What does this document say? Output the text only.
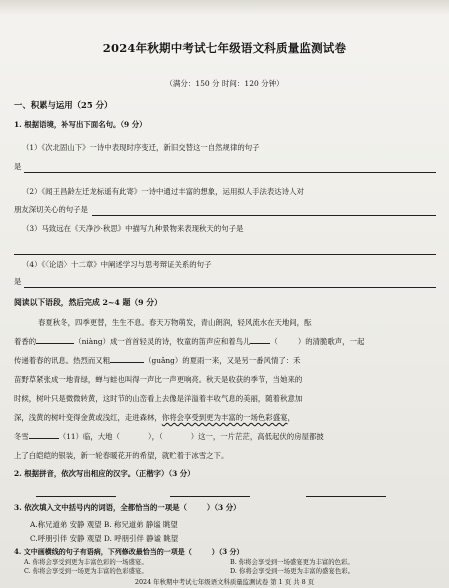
2024年秋期中考试七年级语文科质量监测试卷
（满分：150 分 时间：120 分钟）
一、积累与运用（25 分）
1. 根据语境，补写出下面名句。（9 分）
（1）《次北固山下》一诗中表现时序变迁，新旧交替这一自然规律的句子
是
（2）《闻王昌龄左迁龙标遥有此寄》一诗中通过丰富的想象，运用拟人手法表达诗人对
朋友深切关心的句子是
（3）马致远在《天净沙·秋思》中描写九种景物来表现秋天的句子是
（4）《〈论语〉十二章》中阐述学习与思考辩证关系的句子
是
阅读以下语段，然后完成 2~4 题（9 分）
春夏秋冬，四季更替，生生不息。春天万物萌发，青山朗润，轻风流水在天地间，酝
着香的	（niàng）成一首首轻灵的诗，牧童的笛声应和着鸟儿	（	）的清脆歌声，一起
传递着春的讯息。热烈而又粗	（guǎng）的夏雨一来，又是另一番风情了：禾
苗野草紧张成一地青绿，蝉与蛙也叫得一声比一声更响亮。秋天是收获的季节，当她来的
时候，树叶只是微微转黄，这时节的山峦看上去像是洋溢着丰收气息的美丽，随着秋意加
深，浅黄的树叶变得金黄或浅红，走进森林，你将会享受到更为丰富的一场色彩盛宴，
冬雪	（11）临，大地（	），（	）这一，一片茫茫，高低起伏的房屋都披
上了白皑皑的银装，新一轮春暖花开的希望，就贮着于冰雪之下。
2. 根据拼音，依次写出相应的汉字。（正楷字）（3 分）
3. 依次填入文中括号内的词语，全都恰当的一项是（	）（3 分）
A.称兄道弟 安静 观望 B. 称兄道弟 静谧 眺望
C.呼朋引伴 安静 观望 D. 呼朋引伴 静谧 眺望
4. 文中画横线的句子有语病，下列修改最恰当的一项是（	）（3 分）
2024 年秋期中考试七年级语文科质量监测试卷 第 1 页 共 8 页
A. 你将会享受到更为丰富色彩的一场盛宴。	B. 你将会享受到一场盛宴更为丰富的色彩。
C. 你将会享受到一场更为丰富的色彩盛宴。	D. 你将会享受到一场更为丰富的盛宴色彩。
